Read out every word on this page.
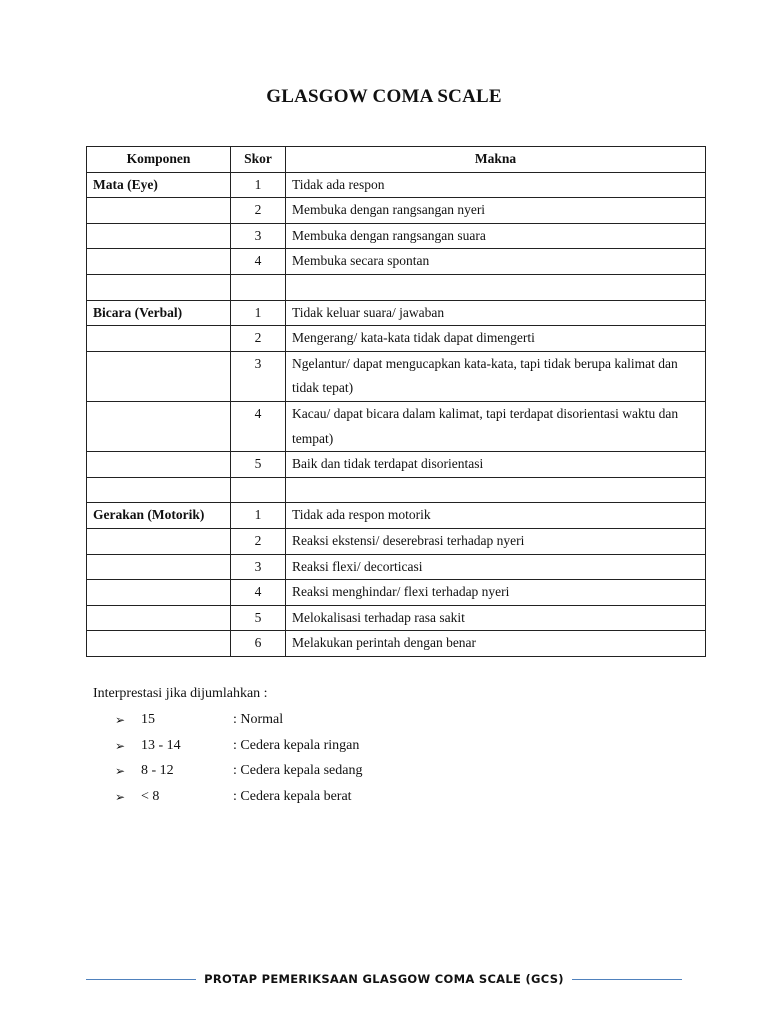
GLASGOW COMA SCALE
Komponen	Skor	Makna
Mata (Eye)	1	Tidak ada respon
	2	Membuka dengan rangsangan nyeri
	3	Membuka dengan rangsangan suara
	4	Membuka secara spontan

Bicara (Verbal)	1	Tidak keluar suara/ jawaban
	2	Mengerang/ kata-kata tidak dapat dimengerti
	3	Ngelantur/ dapat mengucapkan kata-kata, tapi tidak berupa kalimat dan tidak tepat)
	4	Kacau/ dapat bicara dalam kalimat, tapi terdapat disorientasi waktu dan tempat)
	5	Baik dan tidak terdapat disorientasi

Gerakan (Motorik)	1	Tidak ada respon motorik
	2	Reaksi ekstensi/ deserebrasi terhadap nyeri
	3	Reaksi flexi/ decorticasi
	4	Reaksi menghindar/ flexi terhadap nyeri
	5	Melokalisasi terhadap rasa sakit
	6	Melakukan perintah dengan benar
Interprestasi jika dijumlahkan :
➢	15	: Normal
➢	13 - 14	: Cedera kepala ringan
➢	8 - 12	: Cedera kepala sedang
➢	< 8	: Cedera kepala berat
PROTAP PEMERIKSAAN GLASGOW COMA SCALE (GCS)
